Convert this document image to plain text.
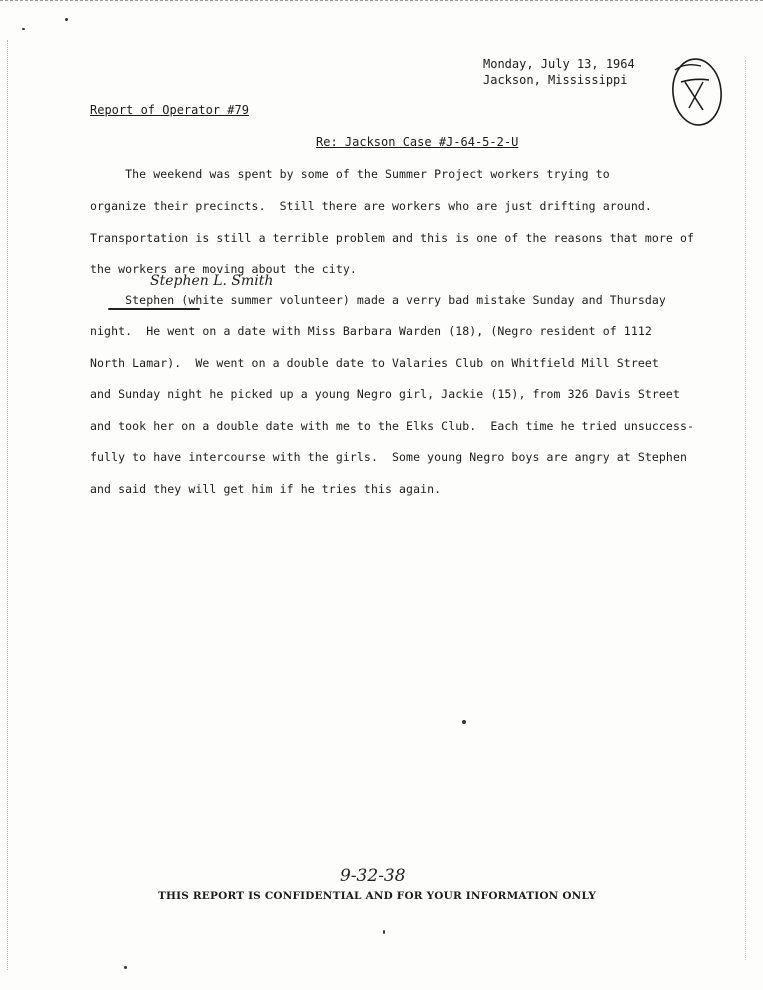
Monday, July 13, 1964
Jackson, Mississippi
Report of Operator #79
Re: Jackson Case #J-64-5-2-U
The weekend was spent by some of the Summer Project workers trying to
organize their precincts.  Still there are workers who are just drifting around.
Transportation is still a terrible problem and this is one of the reasons that more of
the workers are moving about the city.
Stephen L. Smith
Stephen (white summer volunteer) made a verry bad mistake Sunday and Thursday
night.  He went on a date with Miss Barbara Warden (18), (Negro resident of 1112
North Lamar).  We went on a double date to Valaries Club on Whitfield Mill Street
and Sunday night he picked up a young Negro girl, Jackie (15), from 326 Davis Street
and took her on a double date with me to the Elks Club.  Each time he tried unsuccess-
fully to have intercourse with the girls.  Some young Negro boys are angry at Stephen
and said they will get him if he tries this again.
9-32-38
THIS REPORT IS CONFIDENTIAL AND FOR YOUR INFORMATION ONLY
